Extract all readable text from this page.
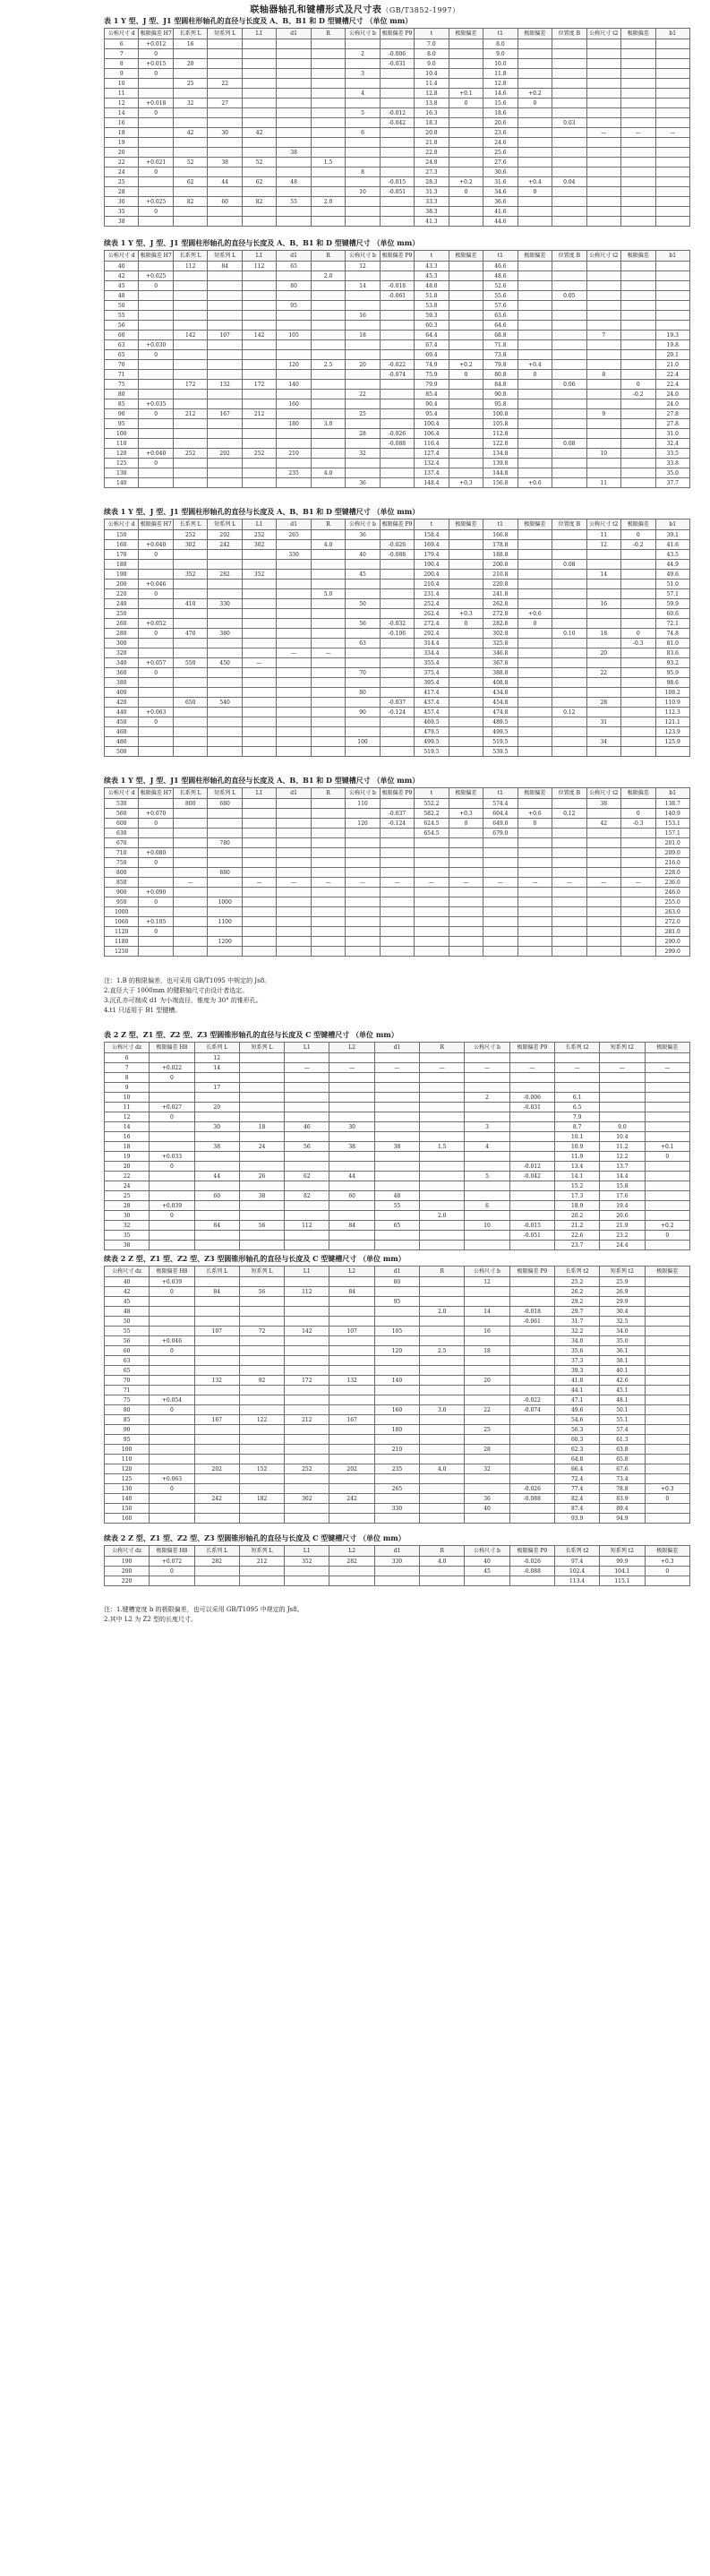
联轴器轴孔和键槽形式及尺寸表（GB/T3852-1997）
表 1 Y 型、J 型、J1 型圆柱形轴孔的直径与长度及 A、B、B1 和 D 型键槽尺寸 （单位 mm）
公称尺寸 d	极限偏差 H7	长系列 L	短系列 L	L1	d1	R	公称尺寸 b	极限偏差 P9	t	极限偏差	t1	极限偏差	位置度 B	公称尺寸 t2	极限偏差	b1
6	+0.012	16							7.0		8.0					
7	0						2	-0.006	8.0		9.0					
8	+0.015	20						-0.031	9.0		10.0					
9	0						3		10.4		11.8					
10		25	22						11.4		12.8					
11							4		12.8	+0.1	14.6	+0.2				
12	+0.018	32	27						13.8	0	15.6	0				
14	0						5	-0.012	16.3		18.6					
16								-0.042	18.3		20.6		0.03			
18		42	30	42			6		20.8		23.6			—	—	—
19									21.8		24.6					
20					38				22.8		25.6					
22	+0.021	52	38	52		1.5			24.8		27.6					
24	0						8		27.3		30.6					
25		62	44	62	48			-0.015	28.3	+0.2	31.6	+0.4	0.04			
28							10	-0.051	31.3	0	34.6	0				
30	+0.025	82	60	82	55	2.0			33.3		36.6					
35	0								38.3		41.6					
38									41.3		44.6					
续表 1 Y 型、J 型、J1 型圆柱形轴孔的直径与长度及 A、B、B1 和 D 型键槽尺寸 （单位 mm）
公称尺寸 d	极限偏差 H7	长系列 L	短系列 L	L1	d1	R	公称尺寸 b	极限偏差 P9	t	极限偏差	t1	极限偏差	位置度 B	公称尺寸 t2	极限偏差	b1
40		112	84	112	65		12		43.3		46.6					
42	+0.025					2.0			45.3		48.6					
45	0				80		14	-0.018	48.8		52.6					
48								-0.061	51.8		55.6		0.05			
50					95				53.8		57.6					
55							16		59.3		63.6					
56									60.3		64.6					
60		142	107	142	105		18		64.4		68.8			7		19.3
63	+0.030								67.4		71.8					19.8
65	0								69.4		73.8					20.1
70					120	2.5	20	-0.022	74.9	+0.2	79.8	+0.4				21.0
71								-0.074	75.9	0	80.8	0		8		22.4
75		172	132	172	140				79.9		84.8		0.06		0	22.4
80							22		85.4		90.8				-0.2	24.0
85	+0.035				160				90.4		95.8					24.0
90	0	212	167	212			25		95.4		100.8			9		27.8
95					180	3.0			100.4		105.8					27.8
100							28	-0.026	106.4		112.8					31.0
110								-0.088	116.4		122.8		0.08			32.4
120	+0.040	252	202	252	210		32		127.4		134.8			10		33.5
125	0								132.4		139.8					33.8
130					235	4.0			137.4		144.8					35.0
140							36		148.4	+0.3	156.8	+0.6		11		37.7
续表 1 Y 型、J 型、J1 型圆柱形轴孔的直径与长度及 A、B、B1 和 D 型键槽尺寸 （单位 mm）
公称尺寸 d	极限偏差 H7	长系列 L	短系列 L	L1	d1	R	公称尺寸 b	极限偏差 P9	t	极限偏差	t1	极限偏差	位置度 B	公称尺寸 t2	极限偏差	b1
150		252	202	252	265		36		158.4		166.8			11	0	39.1
160	+0.040	302	242	302		4.0		-0.026	169.4		178.8			12	-0.2	41.6
170	0				330		40	-0.088	179.4		188.8					43.5
180									190.4		200.8		0.08			44.9
190		352	282	352			45		200.4		210.8			14		49.6
200	+0.046								210.4		220.8					51.0
220	0					5.0			231.4		241.8					57.1
240		410	330				50		252.4		262.8			16		59.9
250									262.4	+0.3	272.8	+0.6				60.6
260	+0.052						56	-0.032	272.4	0	282.8	0				72.1
280	0	470	380					-0.106	292.4		302.8		0.10	18	0	74.8
300							63		314.4		325.8				-0.3	81.0
320					—	—			334.4		346.8			20		83.6
340	+0.057	550	450	—					355.4		367.8					93.2
360	0						70		375.4		388.8			22		95.9
380									395.4		408.8					98.6
400							80		417.4		434.8					108.2
420		650	540					-0.037	437.4		454.8			28		110.9
440	+0.063						90	-0.124	457.4		474.8		0.12			112.3
450	0								469.5		489.5			31		121.1
460									479.5		499.5					123.9
480							100		499.5		519.5			34		125.9
500									519.5		539.5					
续表 1 Y 型、J 型、J1 型圆柱形轴孔的直径与长度及 A、B、B1 和 D 型键槽尺寸 （单位 mm）
公称尺寸 d	极限偏差 H7	长系列 L	短系列 L	L1	d1	R	公称尺寸 b	极限偏差 P9	t	极限偏差	t1	极限偏差	位置度 B	公称尺寸 t2	极限偏差	b1
530		800	680				110		552.2		574.4			38		138.7
560	+0.070							-0.037	582.2	+0.3	604.4	+0.6	0.12		0	140.9
600	0						120	-0.124	624.5	0	649.0	0		42	-0.3	153.1
630									654.5		679.0					157.1
670			780													201.0
710	+0.080															209.0
750	0															216.0
800			880													228.0
850		—		—	—	—	—	—	—	—	—	—	—	—	—	236.0
900	+0.090															246.0
950	0		1000													255.0
1000																263.0
1060	+0.105		1100													272.0
1120	0															281.0
1180			1200													290.0
1250																299.0
注：1.B 的极限偏差，也可采用 GB/T1095 中规定的 Js8。
2.直径大于 1000mm 的键联轴尺寸由设计者选定。
3.沉孔亦可制成 d1 为小端直径，锥度为 30° 的锥形孔。
4.t1 只适用于 B1 型键槽。
表 2 Z 型、Z1 型、Z2 型、Z3 型圆锥形轴孔的直径与长度及 C 型键槽尺寸 （单位 mm）
公称尺寸 dz	极限偏差 H8	长系列 L	短系列 L	L1	L2	d1	R	公称尺寸 b	极限偏差 P9	长系列 t2	短系列 t2	极限偏差
6		12										
7	+0.022	14		—	—	—	—	—	—	—	—	—
8	0											
9		17										
10								2	-0.006	6.1		
11	+0.027	20							-0.031	6.5		
12	0									7.9		
14		30	18	46	30			3		8.7	9.0	
16										10.1	10.4	
18		38	24	56	38	38	1.5	4		10.9	11.2	+0.1
19	+0.033									11.9	12.2	0
20	0								-0.012	13.4	13.7	
22		44	26	62	44			5	-0.042	14.1	14.4	
24										15.2	15.8	
25		60	38	82	60	48				17.3	17.6	
28	+0.039					55		6		18.9	19.4	
30	0						2.0			20.2	20.6	
32		84	56	112	84	65		10	-0.015	21.2	21.9	+0.2
35									-0.051	22.6	23.2	0
38										23.7	24.4	
续表 2 Z 型、Z1 型、Z2 型、Z3 型圆锥形轴孔的直径与长度及 C 型键槽尺寸 （单位 mm）
公称尺寸 dz	极限偏差 H8	长系列 L	短系列 L	L1	L2	d1	R	公称尺寸 b	极限偏差 P9	长系列 t2	短系列 t2	极限偏差
40	+0.039					80		12		25.2	25.9	
42	0	84	56	112	84					26.2	26.9	
45						95				29.2	29.9	
48							2.0	14	-0.018	29.7	30.4	
50									-0.061	31.7	32.5	
55		107	72	142	107	105		16		32.2	34.0	
56	+0.046									34.0	35.0	
60	0					120	2.5	18		35.6	36.1	
63										37.3	38.1	
65										39.3	40.1	
70		132	92	172	132	140		20		41.8	42.6	
71										44.1	45.1	
75	+0.054								-0.022	47.1	48.1	
80	0					160	3.0	22	-0.074	49.6	50.1	
85		167	122	212	167					54.6	55.1	
90						180		25		56.3	57.4	
95										60.3	61.3	
100						210		28		62.3	63.8	
110										64.8	65.8	
120		202	152	252	202	235	4.0	32		66.4	67.6	
125	+0.063									72.4	73.4	
130	0					265			-0.026	77.4	78.8	+0.3
140		242	182	302	242			36	-0.088	82.4	83.9	0
150						330		40		87.4	89.4	
160										93.9	94.9	
续表 2 Z 型、Z1 型、Z2 型、Z3 型圆锥形轴孔的直径与长度及 C 型键槽尺寸 （单位 mm）
公称尺寸 dz	极限偏差 H8	长系列 L	短系列 L	L1	L2	d1	R	公称尺寸 b	极限偏差 P9	长系列 t2	短系列 t2	极限偏差
190	+0.072	282	212	352	282	330	4.0	40	-0.026	97.4	99.9	+0.3
200	0							45	-0.088	102.4	104.1	0
220										113.4	115.1	
注：1.键槽宽度 b 的极限偏差，也可以采用 GB/T1095 中规定的 Js8。
2.其中 L2 为 Z2 型的长度尺寸。
